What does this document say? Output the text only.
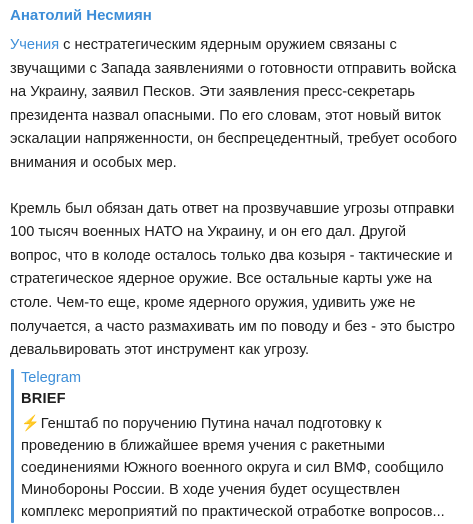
Анатолий Несмиян

Учения с нестратегическим ядерным оружием связаны с звучащими с Запада заявлениями о готовности отправить войска на Украину, заявил Песков. Эти заявления пресс-секретарь президента назвал опасными. По его словам, этот новый виток эскалации напряженности, он беспрецедентный, требует особого внимания и особых мер.

Кремль был обязан дать ответ на прозвучавшие угрозы отправки 100 тысяч военных НАТО на Украину, и он его дал. Другой вопрос, что в колоде осталось только два козыря - тактические и стратегическое ядерное оружие. Все остальные карты уже на столе. Чем-то еще, кроме ядерного оружия, удивить уже не получается, а часто размахивать им по поводу и без - это быстро девальвировать этот инструмент как угрозу.

Telegram
BRIEF
⚡Генштаб по поручению Путина начал подготовку к проведению в ближайшее время учения с ракетными соединениями Южного военного округа и сил ВМФ, сообщило Минобороны России. В ходе учения будет осуществлен комплекс мероприятий по практической отработке вопросов...
